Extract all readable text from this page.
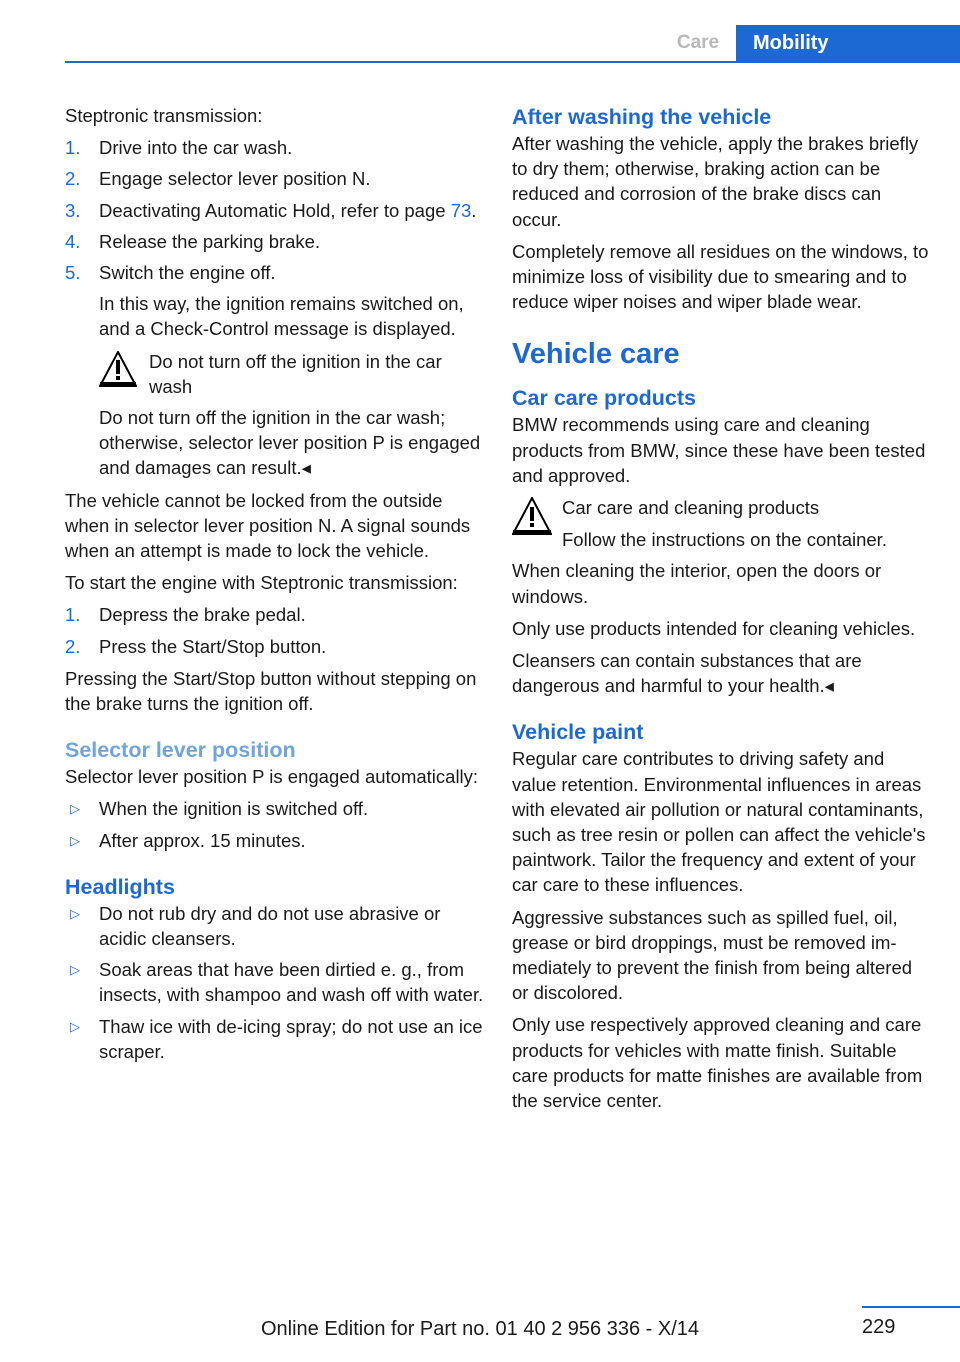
Care	Mobility

Steptronic transmission:

1. Drive into the car wash.
2. Engage selector lever position N.
3. Deactivating Automatic Hold, refer to page 73.
4. Release the parking brake.
5. Switch the engine off.
In this way, the ignition remains switched on, and a Check-Control message is displayed.
Do not turn off the ignition in the car wash

Do not turn off the ignition in the car wash; otherwise, selector lever position P is engaged and damages can result.◂

The vehicle cannot be locked from the outside when in selector lever position N. A signal sounds when an attempt is made to lock the vehicle.

To start the engine with Steptronic transmission:

1. Depress the brake pedal.
2. Press the Start/Stop button.

Pressing the Start/Stop button without stepping on the brake turns the ignition off.

Selector lever position

Selector lever position P is engaged automatically:

▷ When the ignition is switched off.
▷ After approx. 15 minutes.
Headlights
▷ Do not rub dry and do not use abrasive or acidic cleansers.
▷ Soak areas that have been dirtied e. g., from insects, with shampoo and wash off with water.
▷ Thaw ice with de-icing spray; do not use an ice scraper.
After washing the vehicle

After washing the vehicle, apply the brakes briefly to dry them; otherwise, braking action can be reduced and corrosion of the brake discs can occur.

Completely remove all residues on the windows, to minimize loss of visibility due to smearing and to reduce wiper noises and wiper blade wear.

Vehicle care
Car care products

BMW recommends using care and cleaning products from BMW, since these have been tested and approved.

Car care and cleaning products
Follow the instructions on the container.

When cleaning the interior, open the doors or windows.

Only use products intended for cleaning vehicles.

Cleansers can contain substances that are dangerous and harmful to your health.◂

Vehicle paint

Regular care contributes to driving safety and value retention. Environmental influences in areas with elevated air pollution or natural contaminants, such as tree resin or pollen can affect the vehicle's paintwork. Tailor the frequency and extent of your car care to these influences.

Aggressive substances such as spilled fuel, oil, grease or bird droppings, must be removed immediately to prevent the finish from being altered or discolored.

Only use respectively approved cleaning and care products for vehicles with matte finish. Suitable care products for matte finishes are available from the service center.

229
Online Edition for Part no. 01 40 2 956 336 - X/14
